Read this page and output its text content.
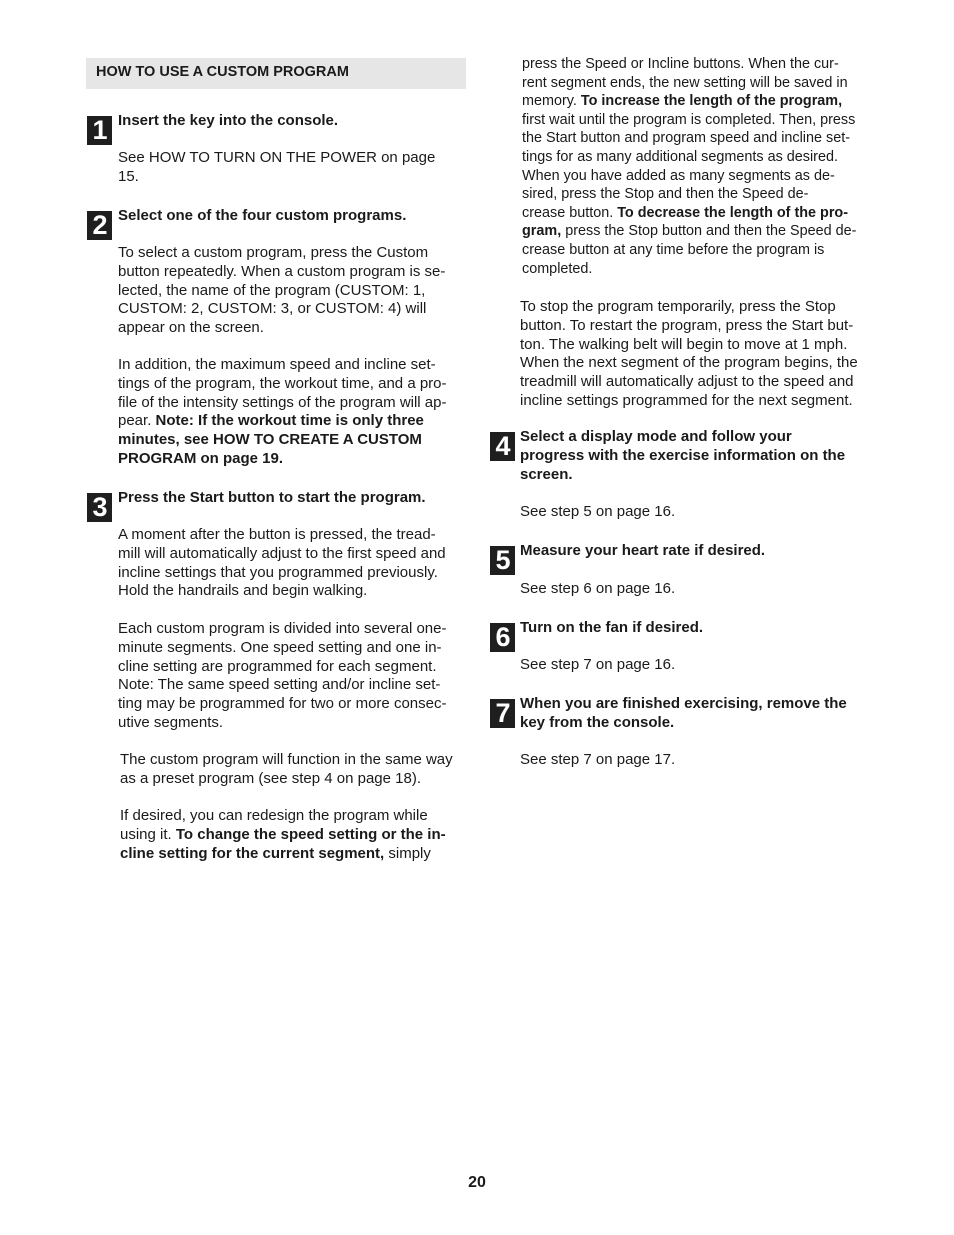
HOW TO USE A CUSTOM PROGRAM
1 Insert the key into the console.

See HOW TO TURN ON THE POWER on page

15.

2 Select one of the four custom programs.

To select a custom program, press the Custom

button repeatedly. When a custom program is se-

lected, the name of the program (CUSTOM: 1,

CUSTOM: 2, CUSTOM: 3, or CUSTOM: 4) will

appear on the screen.

In addition, the maximum speed and incline set-

tings of the program, the workout time, and a pro-

file of the intensity settings of the program will ap-

pear. Note: If the workout time is only three

minutes, see HOW TO CREATE A CUSTOM

PROGRAM on page 19.

3 Press the Start button to start the program.

A moment after the button is pressed, the tread-

mill will automatically adjust to the first speed and

incline settings that you programmed previously.

Hold the handrails and begin walking.

Each custom program is divided into several one-

minute segments. One speed setting and one in-

cline setting are programmed for each segment.

Note: The same speed setting and/or incline set-

ting may be programmed for two or more consec-

utive segments.

The custom program will function in the same way

as a preset program (see step 4 on page 18).

If desired, you can redesign the program while

using it. To change the speed setting or the in-

cline setting for the current segment, simply

press the Speed or Incline buttons. When the cur-

rent segment ends, the new setting will be saved in

memory. To increase the length of the program,

first wait until the program is completed. Then, press

the Start button and program speed and incline set-

tings for as many additional segments as desired.

When you have added as many segments as de-

sired, press the Stop and then the Speed de-

crease button. To decrease the length of the pro-

gram, press the Stop button and then the Speed de-

crease button at any time before the program is

completed.

To stop the program temporarily, press the Stop

button. To restart the program, press the Start but-

ton. The walking belt will begin to move at 1 mph.

When the next segment of the program begins, the

treadmill will automatically adjust to the speed and

incline settings programmed for the next segment.

4 Select a display mode and follow your

progress with the exercise information on the

screen.

See step 5 on page 16.
5 Measure your heart rate if desired.
See step 6 on page 16.
6 Turn on the fan if desired.
See step 7 on page 16.
7 When you are finished exercising, remove the

key from the console.

See step 7 on page 17.
20
